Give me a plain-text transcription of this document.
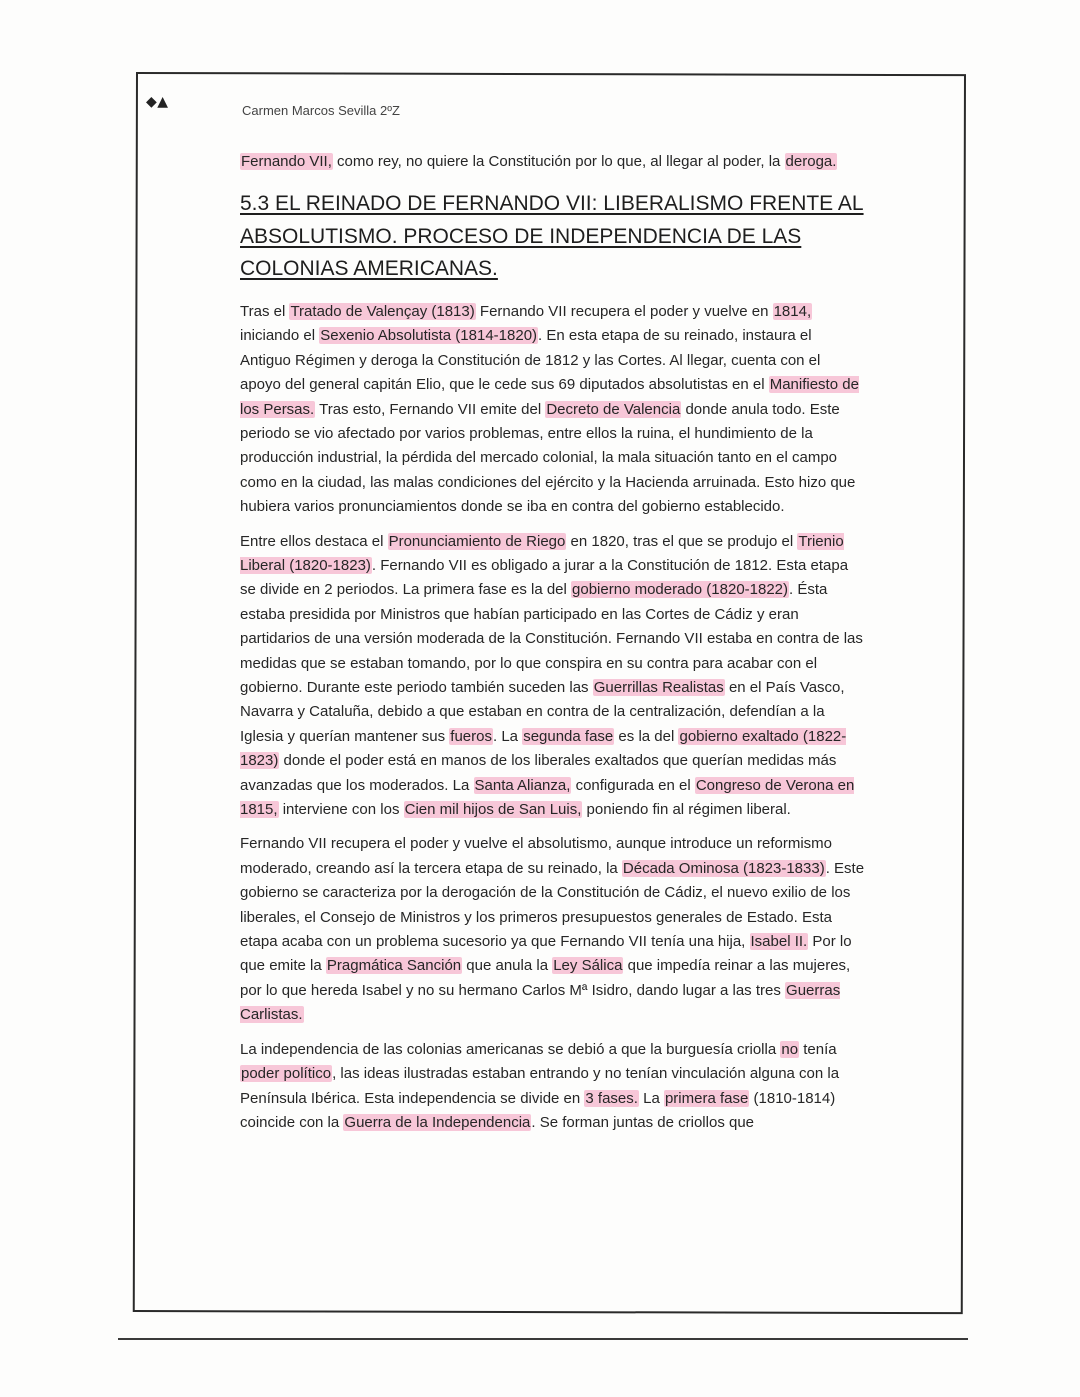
◆ ▲
Carmen Marcos Sevilla 2ºZ

Fernando VII, como rey, no quiere la Constitución por lo que, al llegar al poder, la deroga.

5.3 EL REINADO DE FERNANDO VII: LIBERALISMO FRENTE AL ABSOLUTISMO. PROCESO DE INDEPENDENCIA DE LAS COLONIAS AMERICANAS.

Tras el Tratado de Valençay (1813) Fernando VII recupera el poder y vuelve en 1814, iniciando el Sexenio Absolutista (1814-1820). En esta etapa de su reinado, instaura el Antiguo Régimen y deroga la Constitución de 1812 y las Cortes. Al llegar, cuenta con el apoyo del general capitán Elio, que le cede sus 69 diputados absolutistas en el Manifiesto de los Persas. Tras esto, Fernando VII emite del Decreto de Valencia donde anula todo. Este periodo se vio afectado por varios problemas, entre ellos la ruina, el hundimiento de la producción industrial, la pérdida del mercado colonial, la mala situación tanto en el campo como en la ciudad, las malas condiciones del ejército y la Hacienda arruinada. Esto hizo que hubiera varios pronunciamientos donde se iba en contra del gobierno establecido.

Entre ellos destaca el Pronunciamiento de Riego en 1820, tras el que se produjo el Trienio Liberal (1820-1823). Fernando VII es obligado a jurar a la Constitución de 1812. Esta etapa se divide en 2 periodos. La primera fase es la del gobierno moderado (1820-1822). Ésta estaba presidida por Ministros que habían participado en las Cortes de Cádiz y eran partidarios de una versión moderada de la Constitución. Fernando VII estaba en contra de las medidas que se estaban tomando, por lo que conspira en su contra para acabar con el gobierno. Durante este periodo también suceden las Guerrillas Realistas en el País Vasco, Navarra y Cataluña, debido a que estaban en contra de la centralización, defendían a la Iglesia y querían mantener sus fueros. La segunda fase es la del gobierno exaltado (1822-1823) donde el poder está en manos de los liberales exaltados que querían medidas más avanzadas que los moderados. La Santa Alianza, configurada en el Congreso de Verona en 1815, interviene con los Cien mil hijos de San Luis, poniendo fin al régimen liberal.

Fernando VII recupera el poder y vuelve el absolutismo, aunque introduce un reformismo moderado, creando así la tercera etapa de su reinado, la Década Ominosa (1823-1833). Este gobierno se caracteriza por la derogación de la Constitución de Cádiz, el nuevo exilio de los liberales, el Consejo de Ministros y los primeros presupuestos generales de Estado. Esta etapa acaba con un problema sucesorio ya que Fernando VII tenía una hija, Isabel II. Por lo que emite la Pragmática Sanción que anula la Ley Sálica que impedía reinar a las mujeres, por lo que hereda Isabel y no su hermano Carlos Mª Isidro, dando lugar a las tres Guerras Carlistas.

La independencia de las colonias americanas se debió a que la burguesía criolla no tenía poder político, las ideas ilustradas estaban entrando y no tenían vinculación alguna con la Península Ibérica. Esta independencia se divide en 3 fases. La primera fase (1810-1814) coincide con la Guerra de la Independencia. Se forman juntas de criollos que
